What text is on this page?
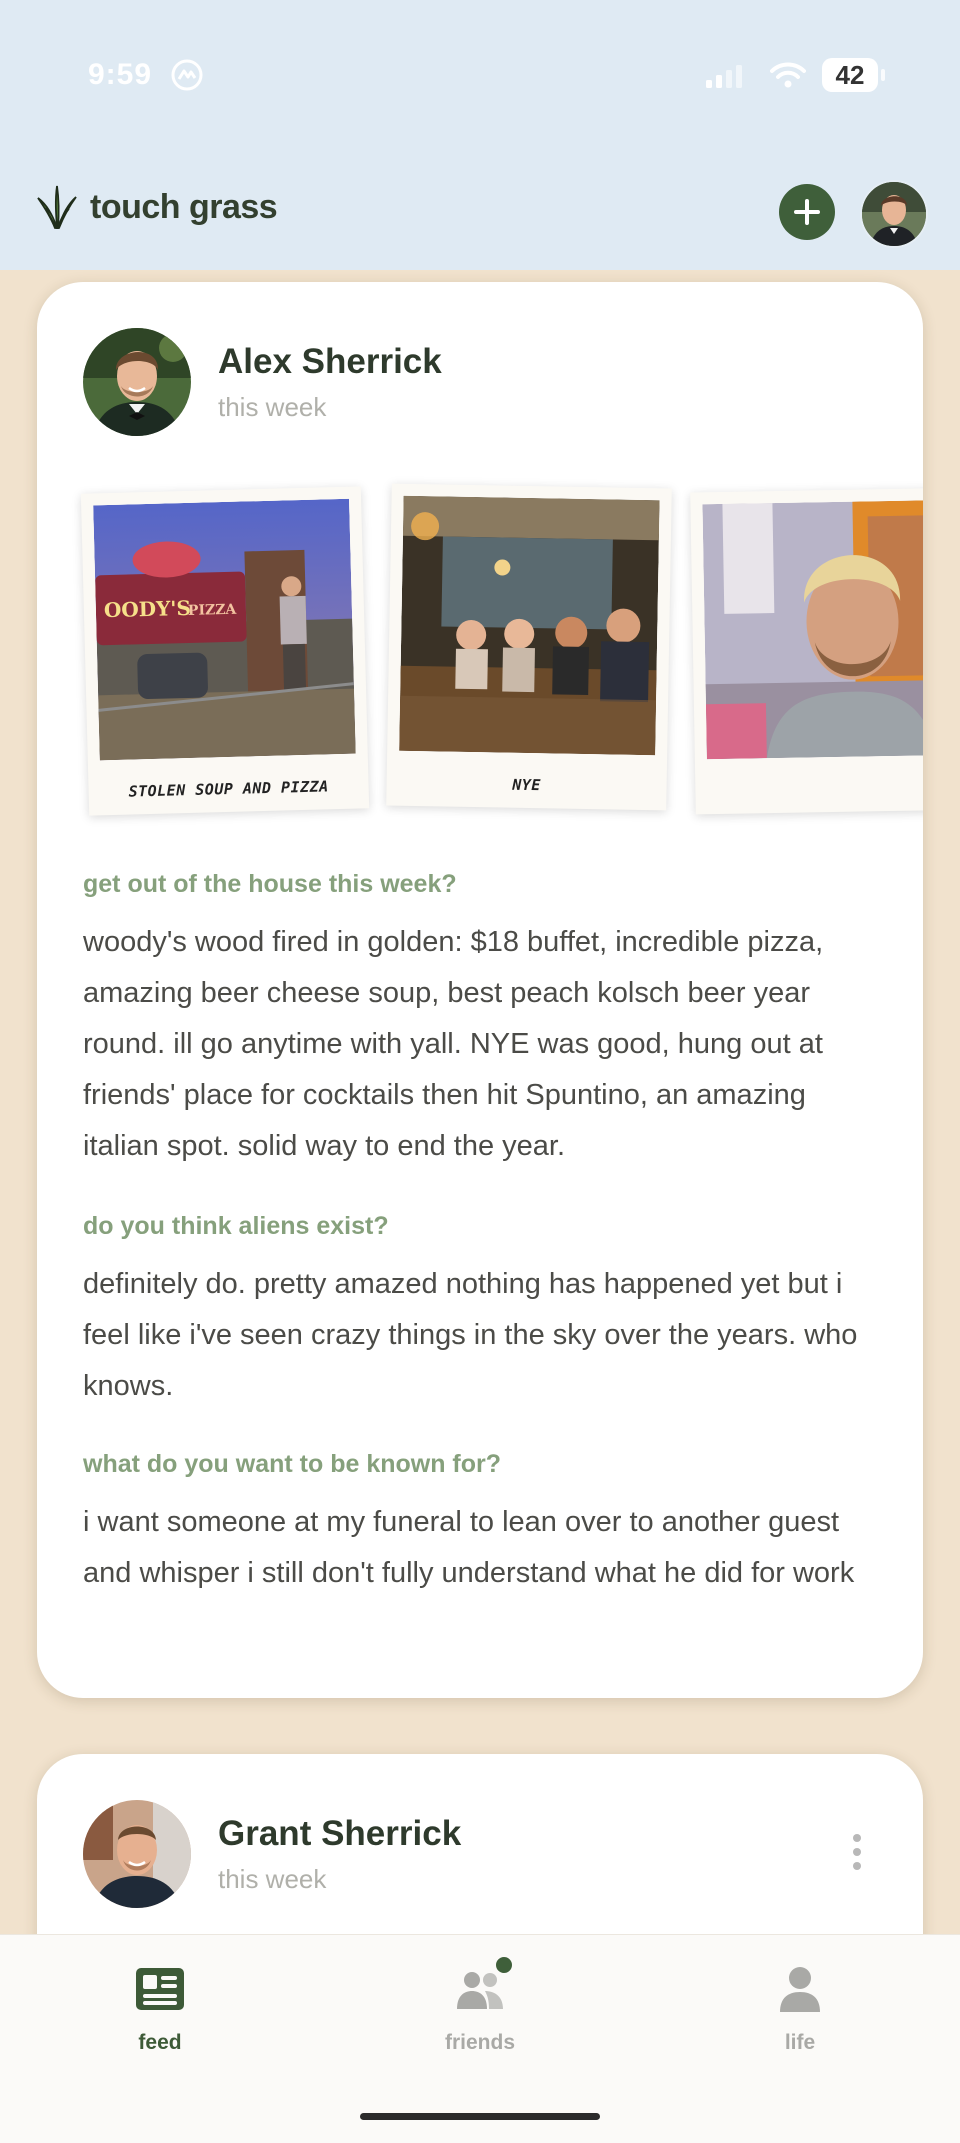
9:59	42
touch grass
Alex Sherrick
this week
OODY'S
PIZZA
STOLEN SOUP AND PIZZA	NYE

get out of the house this week?

woody's wood fired in golden: $18 buffet, incredible pizza, amazing beer cheese soup, best peach kolsch beer year round. ill go anytime with yall. NYE was good, hung out at friends' place for cocktails then hit Spuntino, an amazing italian spot. solid way to end the year.

do you think aliens exist?

definitely do. pretty amazed nothing has happened yet but i feel like i've seen crazy things in the sky over the years. who knows.

what do you want to be known for?

i want someone at my funeral to lean over to another guest and whisper i still don't fully understand what he did for work

Grant Sherrick
this week
feed	friends	life
